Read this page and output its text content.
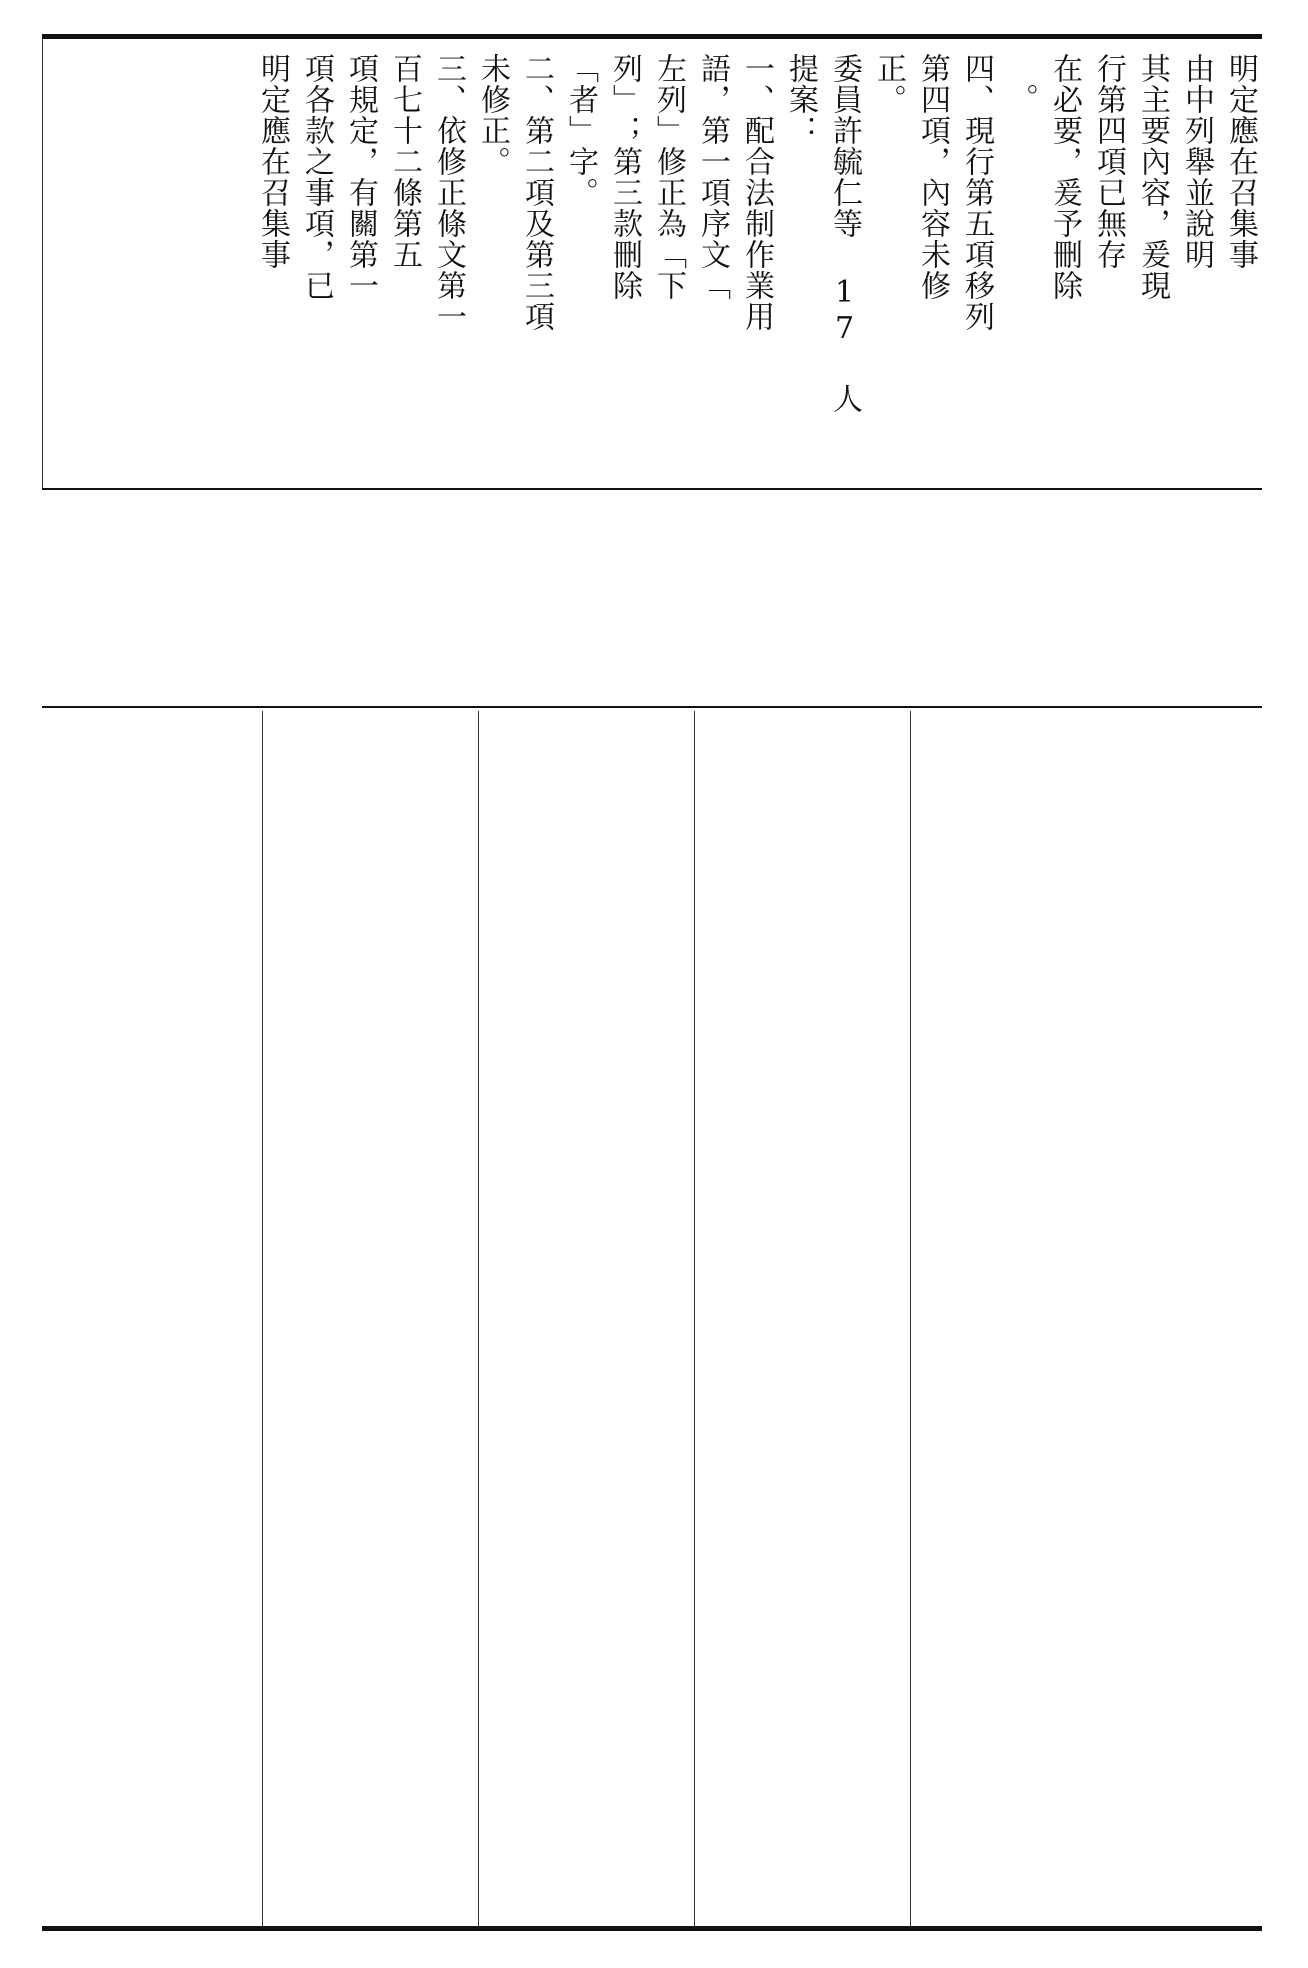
明定應在召集事
由中列舉並說明
其主要內容，爰現
行第四項已無存
在必要，爰予刪除
。
四、現行第五項移列
第四項，內容未修
正。
委員許毓仁等 17 人
提案：
一、配合法制作業用
語，第一項序文「
左列」修正為「下
列」；第三款刪除
「者」字。
二、第二項及第三項
未修正。
三、依修正條文第一
百七十二條第五
項規定，有關第一
項各款之事項，已
明定應在召集事
